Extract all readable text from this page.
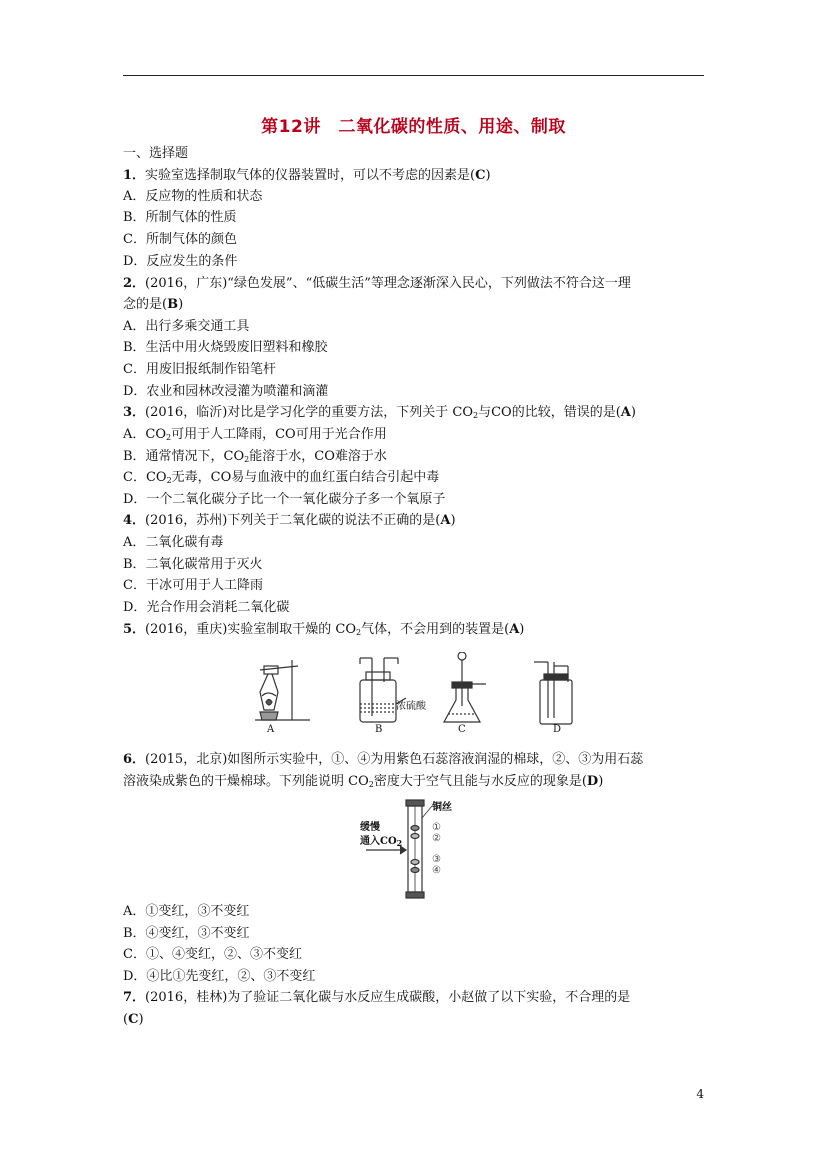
第12讲　二氧化碳的性质、用途、制取
一、选择题
1．实验室选择制取气体的仪器装置时，可以不考虑的因素是(C)
A．反应物的性质和状态
B．所制气体的性质
C．所制气体的颜色
D．反应发生的条件
2．(2016，广东)“绿色发展”、“低碳生活”等理念逐渐深入民心，下列做法不符合这一理
念的是(B)
A．出行多乘交通工具
B．生活中用火烧毁废旧塑料和橡胶
C．用废旧报纸制作铅笔杆
D．农业和园林改浸灌为喷灌和滴灌
3．(2016，临沂)对比是学习化学的重要方法，下列关于 $CO_2$与CO的比较，错误的是(A)
A．$CO_2$可用于人工降雨，CO可用于光合作用
B．通常情况下，$CO_2$能溶于水，CO难溶于水
C．$CO_2$无毒，CO易与血液中的血红蛋白结合引起中毒
D．一个二氧化碳分子比一个一氧化碳分子多一个氧原子
4．(2016，苏州)下列关于二氧化碳的说法不正确的是(A)
A．二氧化碳有毒
B．二氧化碳常用于灭火
C．干冰可用于人工降雨
D．光合作用会消耗二氧化碳
5．(2016，重庆)实验室制取干燥的 $CO_2$气体，不会用到的装置是(A)
浓硫酸
A	B	C	D
6．(2015，北京)如图所示实验中，①、④为用紫色石蕊溶液润湿的棉球，②、③为用石蕊
溶液染成紫色的干燥棉球。下列能说明 $CO_2$密度大于空气且能与水反应的现象是(D)
缓慢
通入$CO_2$
铜丝
①
②
③
④
A．①变红，③不变红
B．④变红，③不变红
C．①、④变红，②、③不变红
D．④比①先变红，②、③不变红
7．(2016，桂林)为了验证二氧化碳与水反应生成碳酸，小赵做了以下实验，不合理的是
(C)
4
